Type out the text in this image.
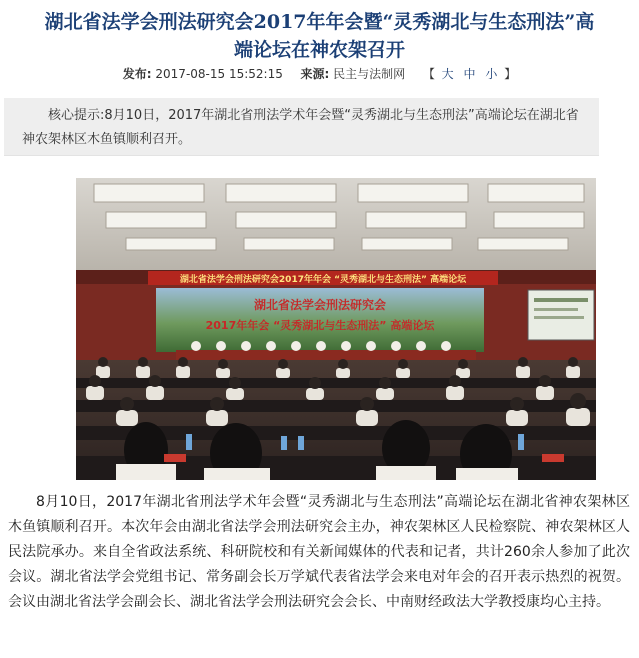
湖北省法学会刑法研究会2017年年会暨“灵秀湖北与生态刑法”高
端论坛在神农架召开
发布: 2017-08-15 15:52:15 来源: 民主与法制网 【 大 中 小 】
核心提示:8月10日，2017年湖北省刑法学术年会暨“灵秀湖北与生态刑法”高端论坛在湖北省神农架林区木鱼镇顺利召开。
湖北省法学会刑法研究会2017年年会 “灵秀湖北与生态刑法” 高端论坛
湖北省法学会刑法研究会
2017年年会 “灵秀湖北与生态刑法” 高端论坛

8月10日，2017年湖北省刑法学术年会暨“灵秀湖北与生态刑法”高端论坛在湖北省神农架林区木鱼镇顺利召开。本次年会由湖北省法学会刑法研究会主办，神农架林区人民检察院、神农架林区人民法院承办。来自全省政法系统、科研院校和有关新闻媒体的代表和记者，共计260余人参加了此次会议。湖北省法学会党组书记、常务副会长万学斌代表省法学会来电对年会的召开表示热烈的祝贺。会议由湖北省法学会副会长、湖北省法学会刑法研究会会长、中南财经政法大学教授康均心主持。
